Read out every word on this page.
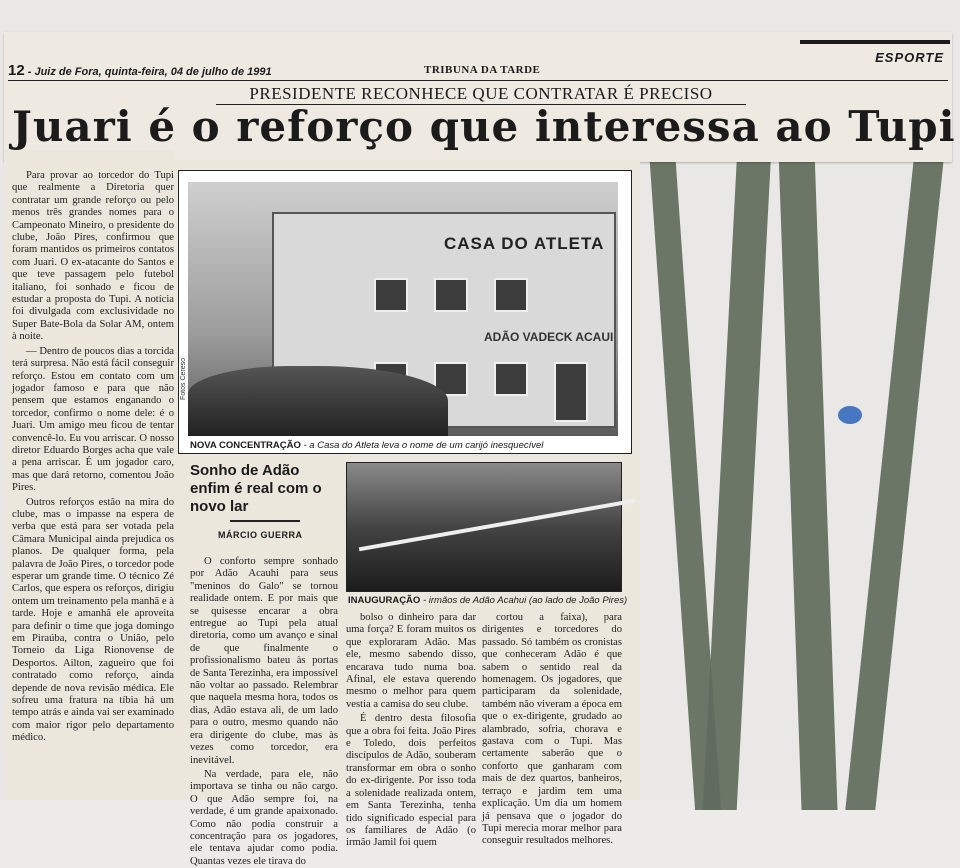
ESPORTE
12 - Juiz de Fora, quinta-feira, 04 de julho de 1991	TRIBUNA DA TARDE
PRESIDENTE RECONHECE QUE CONTRATAR É PRECISO
Juari é o reforço que interessa ao Tupi

Para provar ao torcedor do Tupi que realmente a Diretoria quer contratar um grande reforço ou pelo menos três grandes nomes para o Campeonato Mineiro, o presidente do clube, João Pires, confirmou que foram mantidos os primeiros contatos com Juari. O ex-atacante do Santos e que teve passagem pelo futebol italiano, foi sonhado e ficou de estudar a proposta do Tupi. A notícia foi divulgada com exclusividade no Super Bate-Bola da Solar AM, ontem à noite.

— Dentro de poucos dias a torcida terá surpresa. Não está fácil conseguir reforço. Estou em contato com um jogador famoso e para que não pensem que estamos enganando o torcedor, confirmo o nome dele: é o Juari. Um amigo meu ficou de tentar convencê-lo. Eu vou arriscar. O nosso diretor Eduardo Borges acha que vale a pena arriscar. É um jogador caro, mas que dará retorno, comentou João Pires.

Outros reforços estão na mira do clube, mas o impasse na espera de verba que está para ser votada pela Câmara Municipal ainda prejudica os planos. De qualquer forma, pela palavra de João Pires, o torcedor pode esperar um grande time. O técnico Zé Carlos, que espera os reforços, dirigiu ontem um treinamento pela manhã e à tarde. Hoje e amanhã ele aproveita para definir o time que joga domingo em Piraúba, contra o União, pelo Torneio da Liga Rionovense de Desportos. Ailton, zagueiro que foi contratado como reforço, ainda depende de nova revisão médica. Ele sofreu uma fratura na tíbia há um tempo atrás e ainda vai ser examinado com maior rigor pelo departamento médico.

CASA DO ATLETA
ADÃO VADECK ACAUI
Fotos Cereso
NOVA CONCENTRAÇÃO - a Casa do Atleta leva o nome de um carijó inesquecível
Sonho de Adão enfim é real com o novo lar
MÁRCIO GUERRA
INAUGURAÇÃO - irmãos de Adão Acahui (ao lado de João Pires)

O conforto sempre sonhado por Adão Acauhi para seus "meninos do Galo" se tornou realidade ontem. E por mais que se quisesse encarar a obra entregue ao Tupi pela atual diretoria, como um avanço e sinal de que finalmente o profissionalismo bateu às portas de Santa Terezinha, era impossível não voltar ao passado. Relembrar que naquela mesma hora, todos os dias, Adão estava ali, de um lado para o outro, mesmo quando não era dirigente do clube, mas às vezes como torcedor, era inevitável.

Na verdade, para ele, não importava se tinha ou não cargo. O que Adão sempre foi, na verdade, é um grande apaixonado. Como não podia construir a concentração para os jogadores, ele tentava ajudar como podia. Quantas vezes ele tirava do

bolso o dinheiro para dar uma força? E foram muitos os que exploraram Adão. Mas ele, mesmo sabendo disso, encarava tudo numa boa. Afinal, ele estava querendo mesmo o melhor para quem vestia a camisa do seu clube.

É dentro desta filosofia que a obra foi feita. João Pires e Toledo, dois perfeitos discípulos de Adão, souberam transformar em obra o sonho do ex-dirigente. Por isso toda a solenidade realizada ontem, em Santa Terezinha, tenha tido significado especial para os familiares de Adão (o irmão Jamil foi quem

cortou a faixa), para dirigentes e torcedores do passado. Só também os cronistas que conheceram Adão é que sabem o sentido real da homenagem. Os jogadores, que participaram da solenidade, também não viveram a época em que o ex-dirigente, grudado ao alambrado, sofria, chorava e gastava com o Tupi. Mas certamente saberão que o conforto que ganharam com mais de dez quartos, banheiros, terraço e jardim tem uma explicação. Um dia um homem já pensava que o jogador do Tupi merecia morar melhor para conseguir resultados melhores.
